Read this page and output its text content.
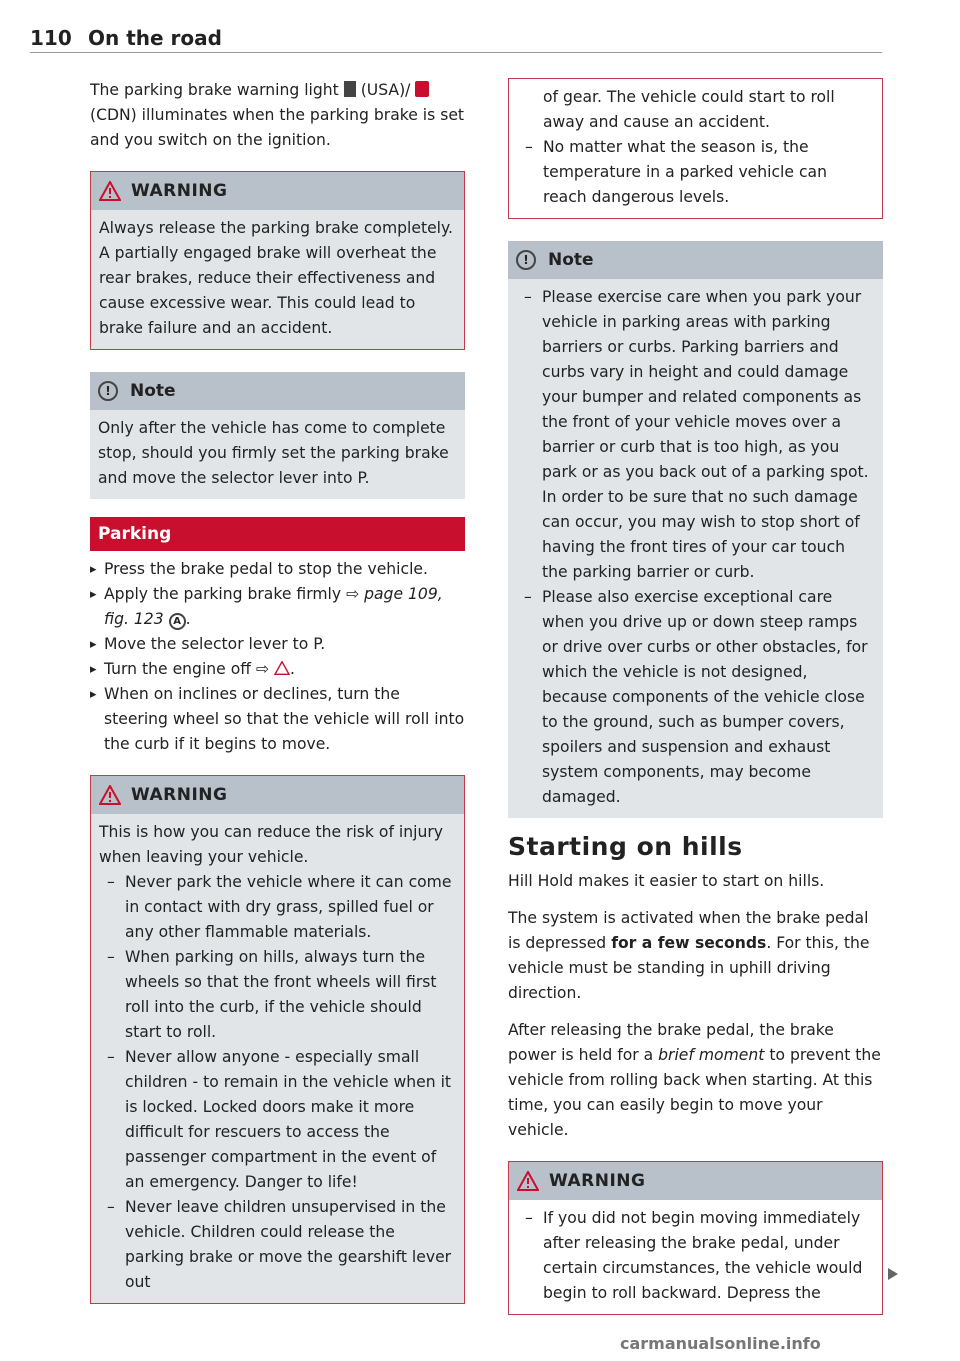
110 On the road

The parking brake warning light (USA)/  (CDN) illuminates when the parking brake is set and you switch on the ignition.

WARNING

Always release the parking brake completely. A partially engaged brake will overheat the rear brakes, reduce their effectiveness and cause excessive wear. This could lead to brake failure and an accident.

!	Note

Only after the vehicle has come to complete stop, should you firmly set the parking brake and move the selector lever into P.

Parking
▸ Press the brake pedal to stop the vehicle.
▸ Apply the parking brake firmly ⇨ page 109, fig. 123 A .
▸ Move the selector lever to P.
▸ Turn the engine off ⇨ .
▸ When on inclines or declines, turn the steering wheel so that the vehicle will roll into the curb if it begins to move.
WARNING

This is how you can reduce the risk of injury when leaving your vehicle.

– Never park the vehicle where it can come in contact with dry grass, spilled fuel or any other flammable materials.
– When parking on hills, always turn the wheels so that the front wheels will first roll into the curb, if the vehicle should start to roll.
– Never allow anyone - especially small children - to remain in the vehicle when it is locked. Locked doors make it more difficult for rescuers to access the passenger compartment in the event of an emergency. Danger to life!
– Never leave children unsupervised in the vehicle. Children could release the parking brake or move the gearshift lever out

of gear. The vehicle could start to roll away and cause an accident.

– No matter what the season is, the temperature in a parked vehicle can reach dangerous levels.
!	Note
– Please exercise care when you park your vehicle in parking areas with parking barriers or curbs. Parking barriers and curbs vary in height and could damage your bumper and related components as the front of your vehicle moves over a barrier or curb that is too high, as you park or as you back out of a parking spot. In order to be sure that no such damage can occur, you may wish to stop short of having the front tires of your car touch the parking barrier or curb.
– Please also exercise exceptional care when you drive up or down steep ramps or drive over curbs or other obstacles, for which the vehicle is not designed, because components of the vehicle close to the ground, such as bumper covers, spoilers and suspension and exhaust system components, may become damaged.
Starting on hills

Hill Hold makes it easier to start on hills.

The system is activated when the brake pedal is depressed for a few seconds. For this, the vehicle must be standing in uphill driving direction.

After releasing the brake pedal, the brake power is held for a brief moment to prevent the vehicle from rolling back when starting. At this time, you can easily begin to move your vehicle.

WARNING
– If you did not begin moving immediately after releasing the brake pedal, under certain circumstances, the vehicle would begin to roll backward. Depress the
carmanualsonline.info
